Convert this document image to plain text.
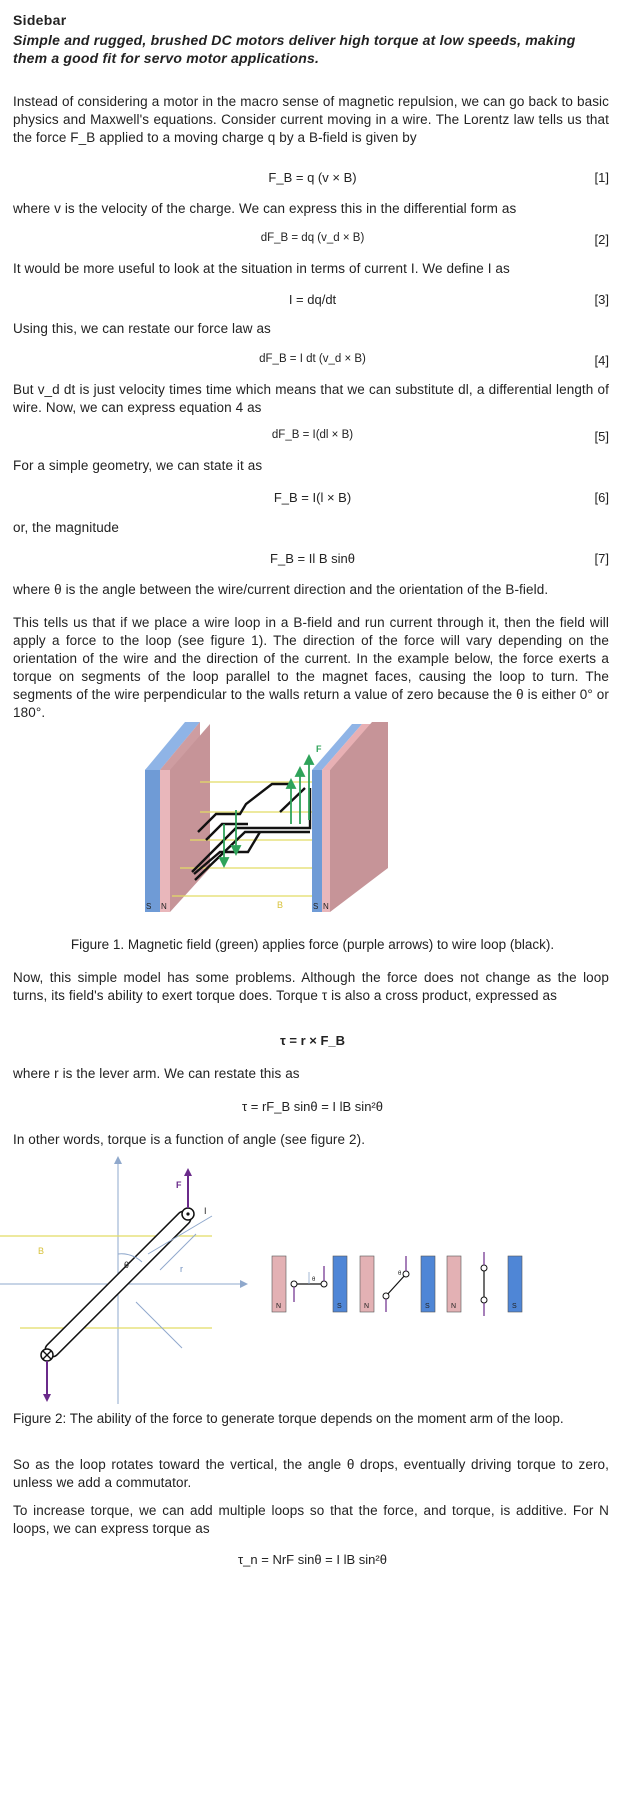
Sidebar
Simple and rugged, brushed DC motors deliver high torque at low speeds, making them a good fit for servo motor applications.
Instead of considering a motor in the macro sense of magnetic repulsion, we can go back to basic physics and Maxwell's equations. Consider current moving in a wire. The Lorentz law tells us that the force F_B applied to a moving charge q by a B-field is given by
F_B = q (v × B)	[1]
where v is the velocity of the charge. We can express this in the differential form as
dF_B = dq (v_d × B)	[2]
It would be more useful to look at the situation in terms of current I. We define I as
I = dq/dt	[3]
Using this, we can restate our force law as
dF_B = I dt (v_d × B)	[4]
But v_d dt is just velocity times time which means that we can substitute dl, a differential length of wire. Now, we can express equation 4 as
dF_B = I(dl × B)	[5]
For a simple geometry, we can state it as
F_B = I(l × B)	[6]
or, the magnitude
F_B = Il B sinθ	[7]
where θ is the angle between the wire/current direction and the orientation of the B-field.
This tells us that if we place a wire loop in a B-field and run current through it, then the field will apply a force to the loop (see figure 1). The direction of the force will vary depending on the orientation of the wire and the direction of the current. In the example below, the force exerts a torque on segments of the loop parallel to the magnet faces, causing the loop to turn. The segments of the wire perpendicular to the walls return a value of zero because the θ is either 0° or 180°.
S N	B
F
S N
Figure 1. Magnetic field (green) applies force (purple arrows) to wire loop (black).
Now, this simple model has some problems. Although the force does not change as the loop turns, its field's ability to exert torque does. Torque τ is also a cross product, expressed as
τ = r × F_B
where r is the lever arm. We can restate this as
τ = rF_B sinθ = I lB sin²θ
In other words, torque is a function of angle (see figure 2).
B
I
F
r
θ
N	S
θ
N	S
θ
N	S
Figure 2: The ability of the force to generate torque depends on the moment arm of the loop.
So as the loop rotates toward the vertical, the angle θ drops, eventually driving torque to zero, unless we add a commutator.
To increase torque, we can add multiple loops so that the force, and torque, is additive. For N loops, we can express torque as
τ_n = NrF sinθ = I lB sin²θ
